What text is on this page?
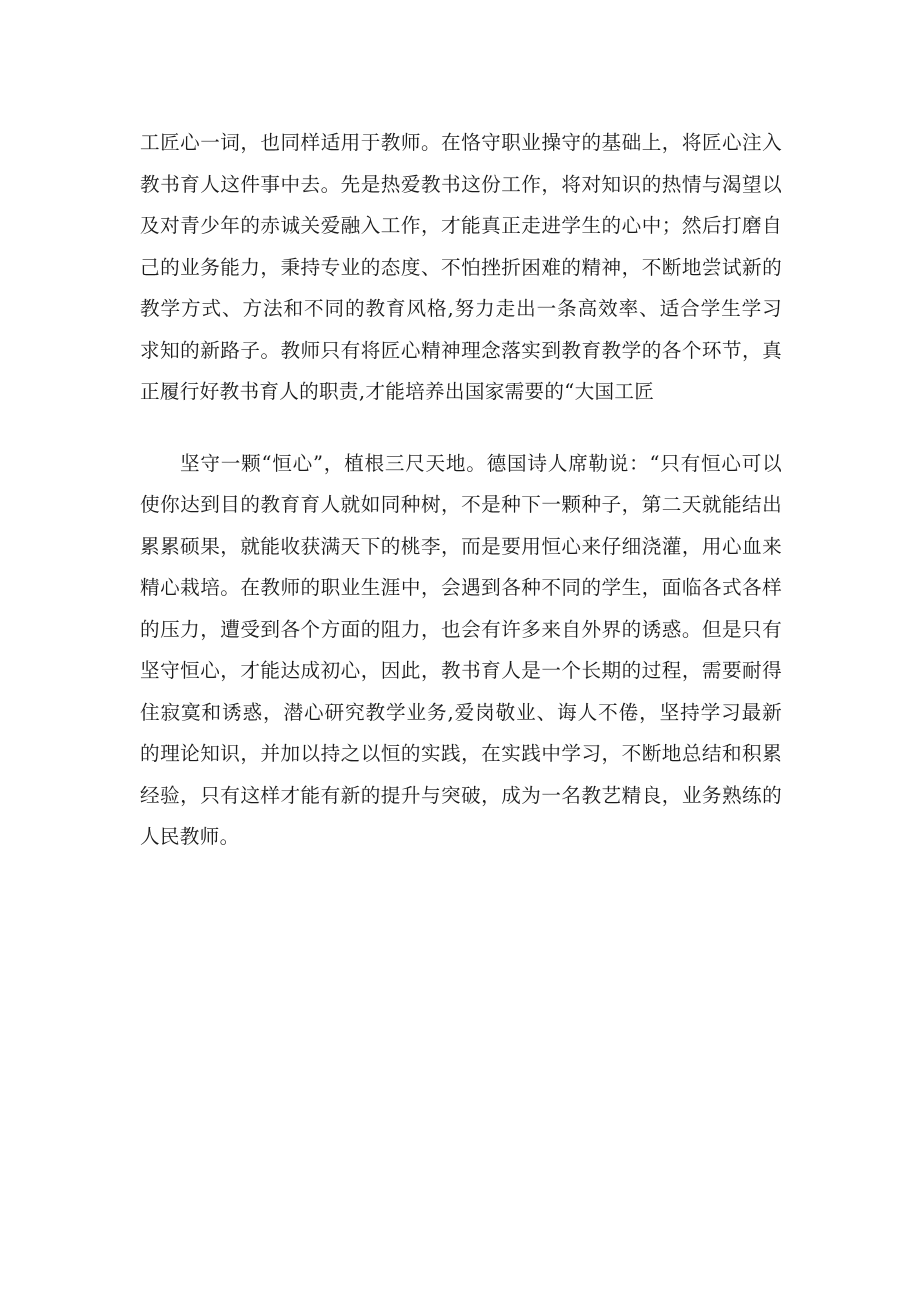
工匠心一词，也同样适用于教师。在恪守职业操守的基础上，将匠心注入教书育人这件事中去。先是热爱教书这份工作，将对知识的热情与渴望以及对青少年的赤诚关爱融入工作，才能真正走进学生的心中；然后打磨自己的业务能力，秉持专业的态度、不怕挫折困难的精神，不断地尝试新的教学方式、方法和不同的教育风格,努力走出一条高效率、适合学生学习求知的新路子。教师只有将匠心精神理念落实到教育教学的各个环节，真正履行好教书育人的职责,才能培养出国家需要的“大国工匠

坚守一颗“恒心”，植根三尺天地。德国诗人席勒说：“只有恒心可以使你达到目的教育育人就如同种树，不是种下一颗种子，第二天就能结出累累硕果，就能收获满天下的桃李，而是要用恒心来仔细浇灌，用心血来精心栽培。在教师的职业生涯中，会遇到各种不同的学生，面临各式各样的压力，遭受到各个方面的阻力，也会有许多来自外界的诱惑。但是只有坚守恒心，才能达成初心，因此，教书育人是一个长期的过程，需要耐得住寂寞和诱惑，潜心研究教学业务,爱岗敬业、诲人不倦，坚持学习最新的理论知识，并加以持之以恒的实践，在实践中学习，不断地总结和积累经验，只有这样才能有新的提升与突破，成为一名教艺精良，业务熟练的人民教师。
